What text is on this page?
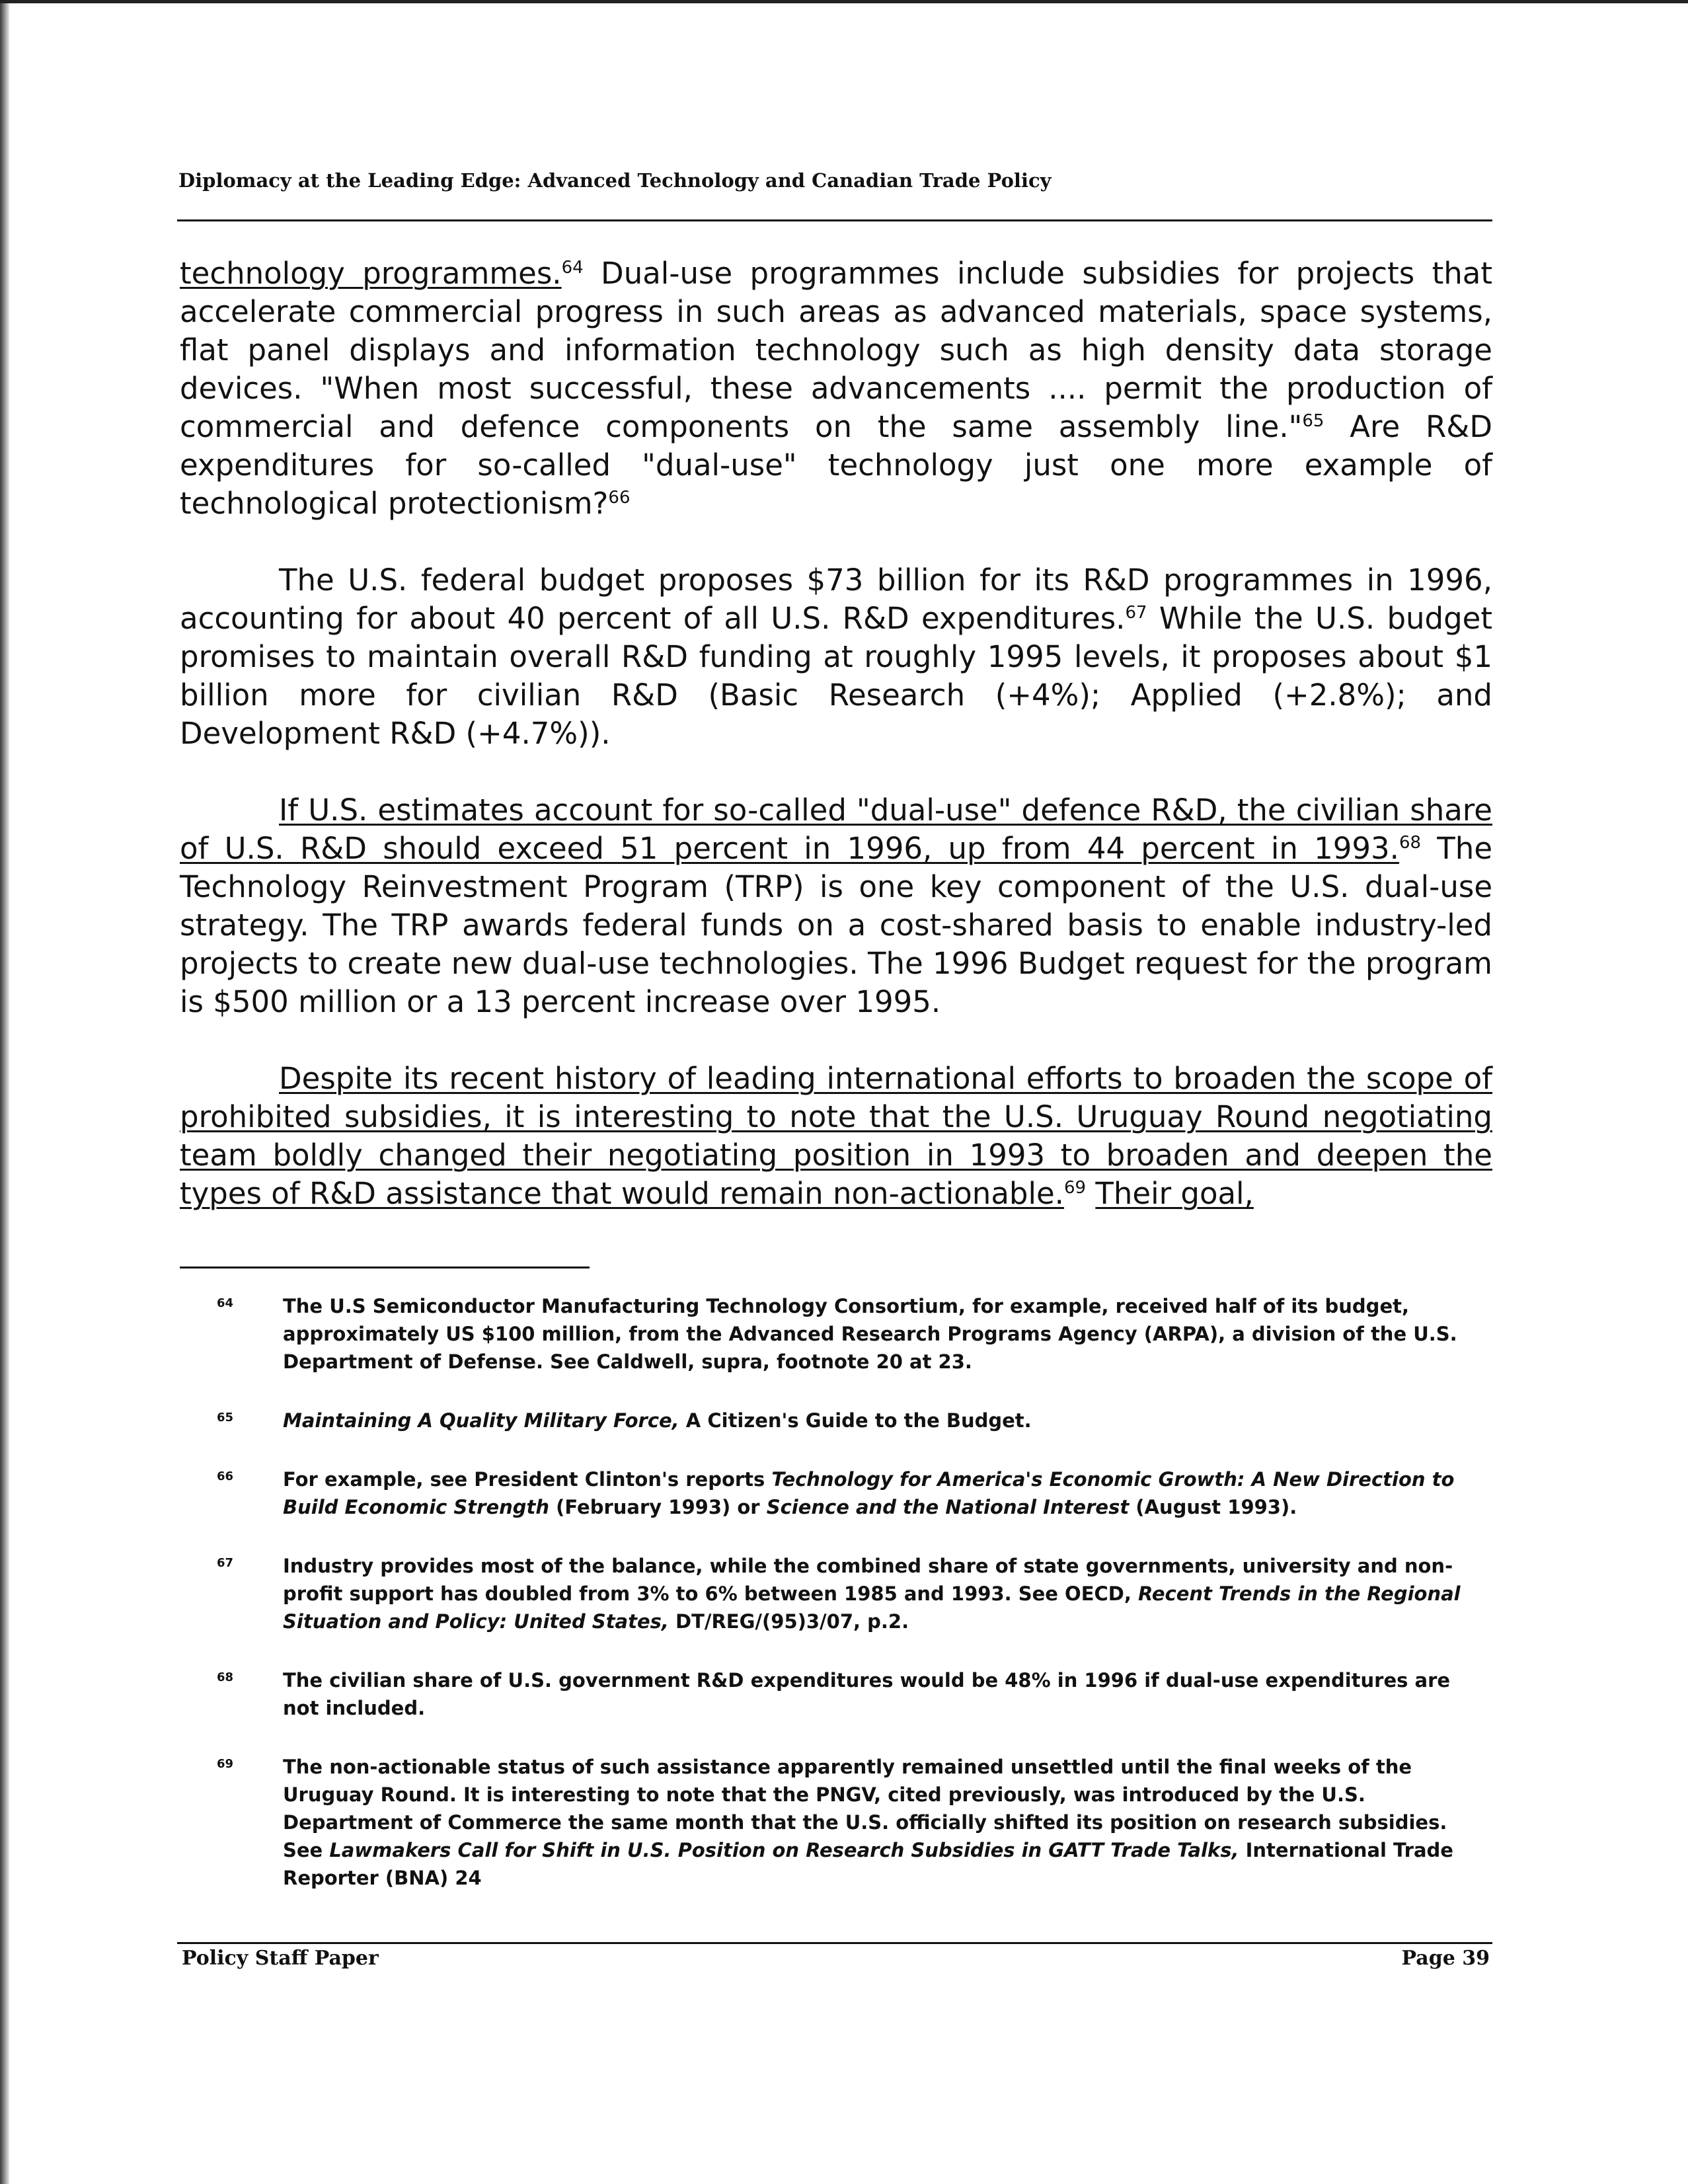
Diplomacy at the Leading Edge: Advanced Technology and Canadian Trade Policy

technology programmes.$^{64}$ Dual-use programmes include subsidies for projects that accelerate commercial progress in such areas as advanced materials, space systems, flat panel displays and information technology such as high density data storage devices. "When most successful, these advancements .... permit the production of commercial and defence components on the same assembly line."$^{65}$ Are R&D expenditures for so-called "dual-use" technology just one more example of technological protectionism?$^{66}$

The U.S. federal budget proposes $73 billion for its R&D programmes in 1996, accounting for about 40 percent of all U.S. R&D expenditures.$^{67}$ While the U.S. budget promises to maintain overall R&D funding at roughly 1995 levels, it proposes about $1 billion more for civilian R&D (Basic Research (+4%); Applied (+2.8%); and Development R&D (+4.7%)).

If U.S. estimates account for so-called "dual-use" defence R&D, the civilian share of U.S. R&D should exceed 51 percent in 1996, up from 44 percent in 1993.68 The Technology Reinvestment Program (TRP) is one key component of the U.S. dual-use strategy. The TRP awards federal funds on a cost-shared basis to enable industry-led projects to create new dual-use technologies. The 1996 Budget request for the program is $500 million or a 13 percent increase over 1995.

Despite its recent history of leading international efforts to broaden the scope of prohibited subsidies, it is interesting to note that the U.S. Uruguay Round negotiating team boldly changed their negotiating position in 1993 to broaden and deepen the types of R&D assistance that would remain non-actionable.$^{69}$ Their goal,

64	The U.S Semiconductor Manufacturing Technology Consortium, for example, received half of its budget, approximately US $100 million, from the Advanced Research Programs Agency (ARPA), a division of the U.S. Department of Defense. See Caldwell, supra, footnote 20 at 23.
65	Maintaining A Quality Military Force, A Citizen's Guide to the Budget.
66	For example, see President Clinton's reports Technology for America's Economic Growth: A New Direction to Build Economic Strength (February 1993) or Science and the National Interest (August 1993).
67	Industry provides most of the balance, while the combined share of state governments, university and non-profit support has doubled from 3% to 6% between 1985 and 1993. See OECD, Recent Trends in the Regional Situation and Policy: United States, DT/REG/(95)3/07, p.2.
68	The civilian share of U.S. government R&D expenditures would be 48% in 1996 if dual-use expenditures are not included.
69	The non-actionable status of such assistance apparently remained unsettled until the final weeks of the Uruguay Round. It is interesting to note that the PNGV, cited previously, was introduced by the U.S. Department of Commerce the same month that the U.S. officially shifted its position on research subsidies. See Lawmakers Call for Shift in U.S. Position on Research Subsidies in GATT Trade Talks, International Trade Reporter (BNA) 24
Policy Staff Paper	Page 39
